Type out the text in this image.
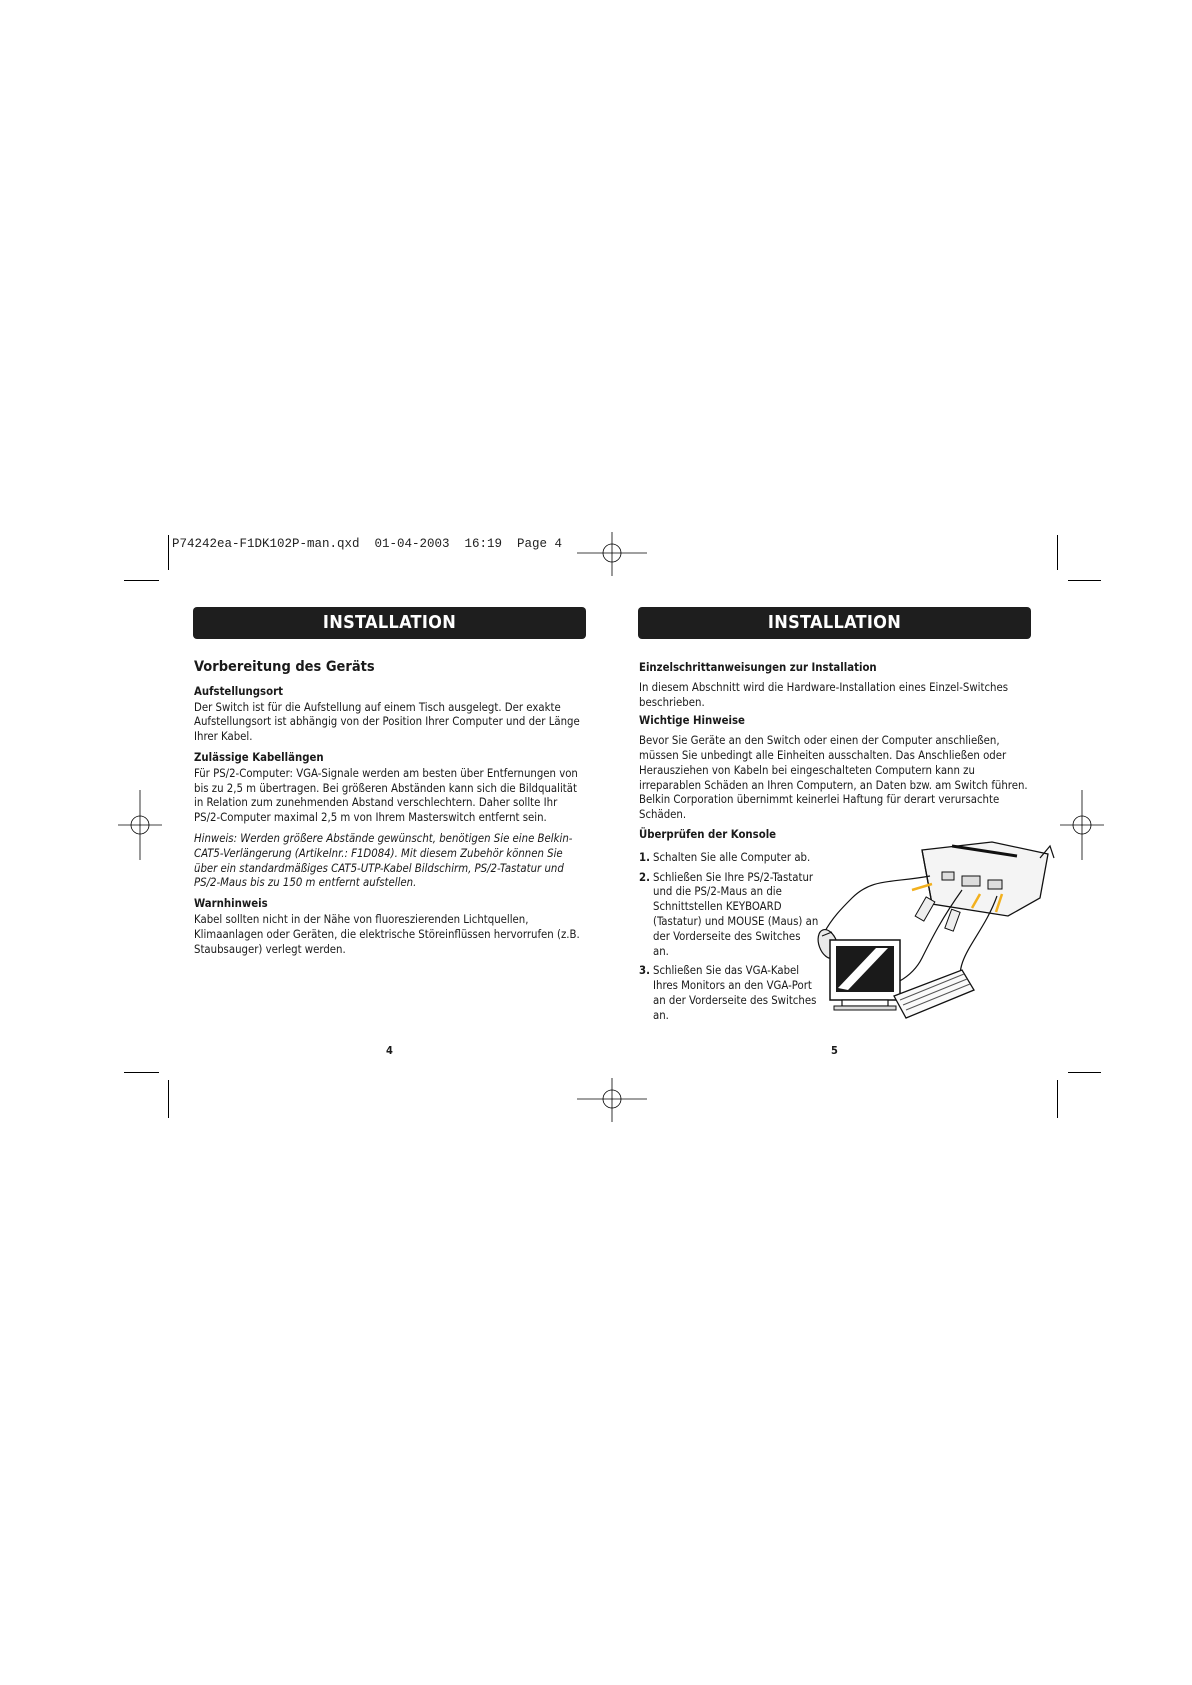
P74242ea-F1DK102P-man.qxd  01-04-2003  16:19  Page 4
INSTALLATION	INSTALLATION
Vorbereitung des Geräts
Aufstellungsort

Der Switch ist für die Aufstellung auf einem Tisch ausgelegt. Der exakte Aufstellungsort ist abhängig von der Position Ihrer Computer und der Länge Ihrer Kabel.

Zulässige Kabellängen

Für PS/2-Computer: VGA-Signale werden am besten über Entfernungen von bis zu 2,5 m übertragen. Bei größeren Abständen kann sich die Bildqualität in Relation zum zunehmenden Abstand verschlechtern. Daher sollte Ihr PS/2-Computer maximal 2,5 m von Ihrem Masterswitch entfernt sein.

Hinweis: Werden größere Abstände gewünscht, benötigen Sie eine Belkin-CAT5-Verlängerung (Artikelnr.: F1D084). Mit diesem Zubehör können Sie über ein standardmäßiges CAT5-UTP-Kabel Bildschirm, PS/2-Tastatur und PS/2-Maus bis zu 150 m entfernt aufstellen.

Warnhinweis

Kabel sollten nicht in der Nähe von fluoreszierenden Lichtquellen, Klimaanlagen oder Geräten, die elektrische Störeinflüssen hervorrufen (z.B. Staubsauger) verlegt werden.

Einzelschrittanweisungen zur Installation

In diesem Abschnitt wird die Hardware-Installation eines Einzel-Switches beschrieben.

Wichtige Hinweise

Bevor Sie Geräte an den Switch oder einen der Computer anschließen, müssen Sie unbedingt alle Einheiten ausschalten. Das Anschließen oder Herausziehen von Kabeln bei eingeschalteten Computern kann zu irreparablen Schäden an Ihren Computern, an Daten bzw. am Switch führen. Belkin Corporation übernimmt keinerlei Haftung für derart verursachte Schäden.

Überprüfen der Konsole
1. Schalten Sie alle Computer ab.
2. Schließen Sie Ihre PS/2-Tastatur und die PS/2-Maus an die Schnittstellen KEYBOARD (Tastatur) und MOUSE (Maus) an der Vorderseite des Switches an.
3. Schließen Sie das VGA-Kabel Ihres Monitors an den VGA-Port an der Vorderseite des Switches an.
4	5
